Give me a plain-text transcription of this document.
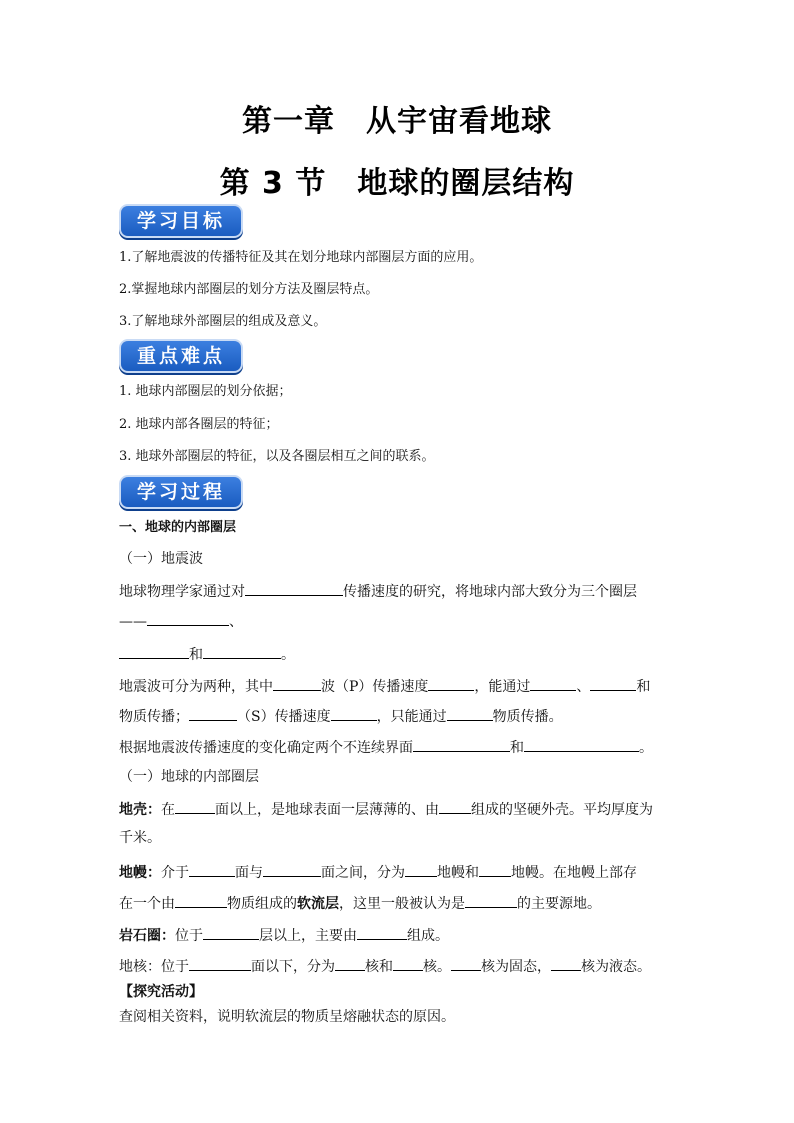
第一章　从宇宙看地球
第 3 节　地球的圈层结构
学习目标
1.了解地震波的传播特征及其在划分地球内部圈层方面的应用。
2.掌握地球内部圈层的划分方法及圈层特点。
3.了解地球外部圈层的组成及意义。
重点难点
1. 地球内部圈层的划分依据；
2. 地球内部各圈层的特征；
3. 地球外部圈层的特征，以及各圈层相互之间的联系。
学习过程
一、地球的内部圈层
（一）地震波
地球物理学家通过对	传播速度的研究，将地球内部大致分为三个圈层
——	、
和	。
地震波可分为两种，其中	波（P）传播速度	，能通过	、	和
物质传播；	（S）传播速度	，只能通过	物质传播。
根据地震波传播速度的变化确定两个不连续界面	和	。
（一）地球的内部圈层
地壳：在	面以上，是地球表面一层薄薄的、由 组成的坚硬外壳。平均厚度为
千米。
地幔：介于	面与	面之间，分为 地幔和 地幔。在地幔上部存
在一个由	物质组成的软流层，这里一般被认为是	的主要源地。
岩石圈：位于	层以上，主要由	组成。
地核：位于	面以下，分为 核和 核。 核为固态， 核为液态。
【探究活动】
查阅相关资料，说明软流层的物质呈熔融状态的原因。
